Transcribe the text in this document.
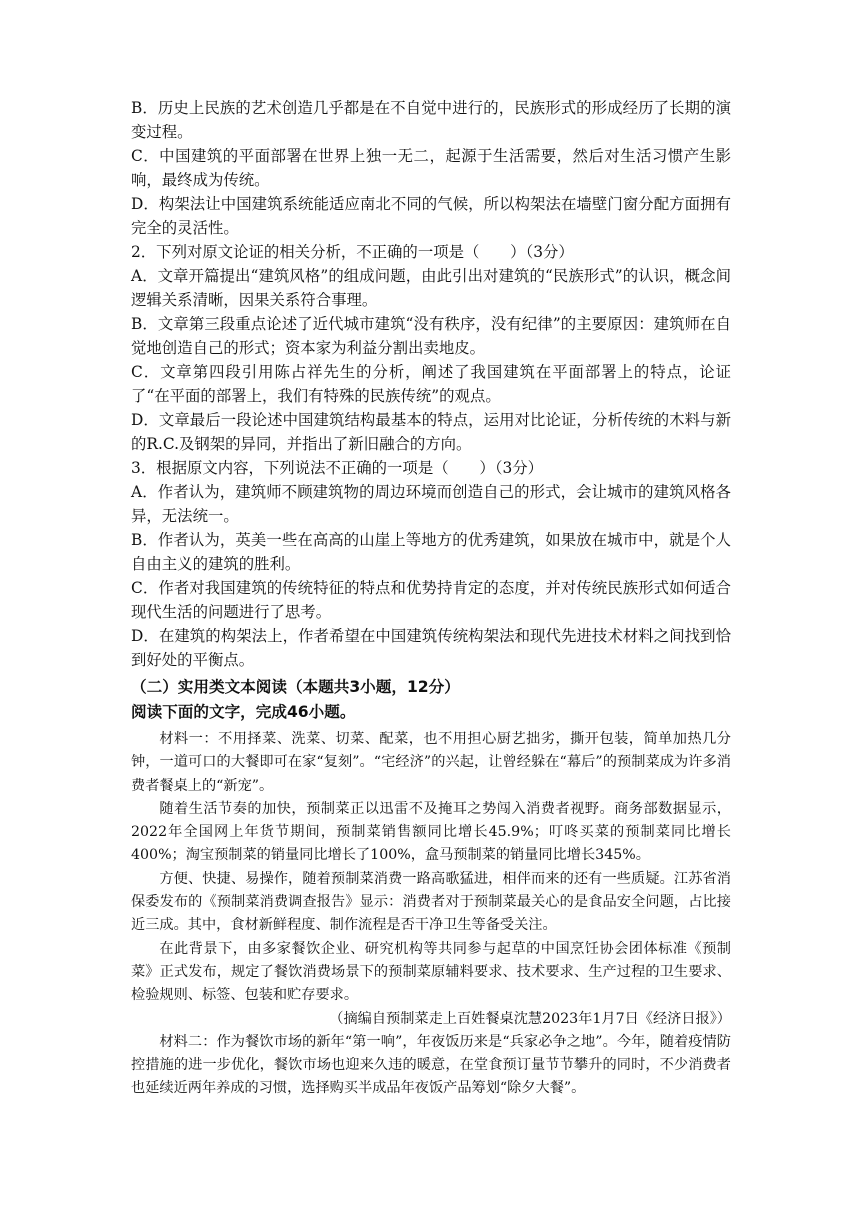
B．历史上民族的艺术创造几乎都是在不自觉中进行的，民族形式的形成经历了长期的演变过程。

C．中国建筑的平面部署在世界上独一无二，起源于生活需要，然后对生活习惯产生影响，最终成为传统。

D．构架法让中国建筑系统能适应南北不同的气候，所以构架法在墙壁门窗分配方面拥有完全的灵活性。

2．下列对原文论证的相关分析，不正确的一项是（　　）（3分）

A．文章开篇提出“建筑风格”的组成问题，由此引出对建筑的“民族形式”的认识，概念间逻辑关系清晰，因果关系符合事理。

B．文章第三段重点论述了近代城市建筑“没有秩序，没有纪律”的主要原因：建筑师在自觉地创造自己的形式；资本家为利益分割出卖地皮。

C．文章第四段引用陈占祥先生的分析，阐述了我国建筑在平面部署上的特点，论证了“在平面的部署上，我们有特殊的民族传统”的观点。

D．文章最后一段论述中国建筑结构最基本的特点，运用对比论证，分析传统的木料与新的R.C.及钢架的异同，并指出了新旧融合的方向。

3．根据原文内容，下列说法不正确的一项是（　　）（3分）

A．作者认为，建筑师不顾建筑物的周边环境而创造自己的形式，会让城市的建筑风格各异，无法统一。

B．作者认为，英美一些在高高的山崖上等地方的优秀建筑，如果放在城市中，就是个人自由主义的建筑的胜利。

C．作者对我国建筑的传统特征的特点和优势持肯定的态度，并对传统民族形式如何适合现代生活的问题进行了思考。

D．在建筑的构架法上，作者希望在中国建筑传统构架法和现代先进技术材料之间找到恰到好处的平衡点。

（二）实用类文本阅读（本题共3小题，12分）

阅读下面的文字，完成46小题。

材料一：不用择菜、洗菜、切菜、配菜，也不用担心厨艺拙劣，撕开包装，简单加热几分钟，一道可口的大餐即可在家“复刻”。“宅经济”的兴起，让曾经躲在“幕后”的预制菜成为许多消费者餐桌上的“新宠”。

随着生活节奏的加快，预制菜正以迅雷不及掩耳之势闯入消费者视野。商务部数据显示，2022年全国网上年货节期间，预制菜销售额同比增长45.9%；叮咚买菜的预制菜同比增长400%；淘宝预制菜的销量同比增长了100%，盒马预制菜的销量同比增长345%。

方便、快捷、易操作，随着预制菜消费一路高歌猛进，相伴而来的还有一些质疑。江苏省消保委发布的《预制菜消费调查报告》显示：消费者对于预制菜最关心的是食品安全问题，占比接近三成。其中，食材新鲜程度、制作流程是否干净卫生等备受关注。

在此背景下，由多家餐饮企业、研究机构等共同参与起草的中国烹饪协会团体标准《预制菜》正式发布，规定了餐饮消费场景下的预制菜原辅料要求、技术要求、生产过程的卫生要求、检验规则、标签、包装和贮存要求。

（摘编自预制菜走上百姓餐桌沈慧2023年1月7日《经济日报》）

材料二：作为餐饮市场的新年“第一响”，年夜饭历来是“兵家必争之地”。今年，随着疫情防控措施的进一步优化，餐饮市场也迎来久违的暖意，在堂食预订量节节攀升的同时，不少消费者也延续近两年养成的习惯，选择购买半成品年夜饭产品筹划“除夕大餐”。
